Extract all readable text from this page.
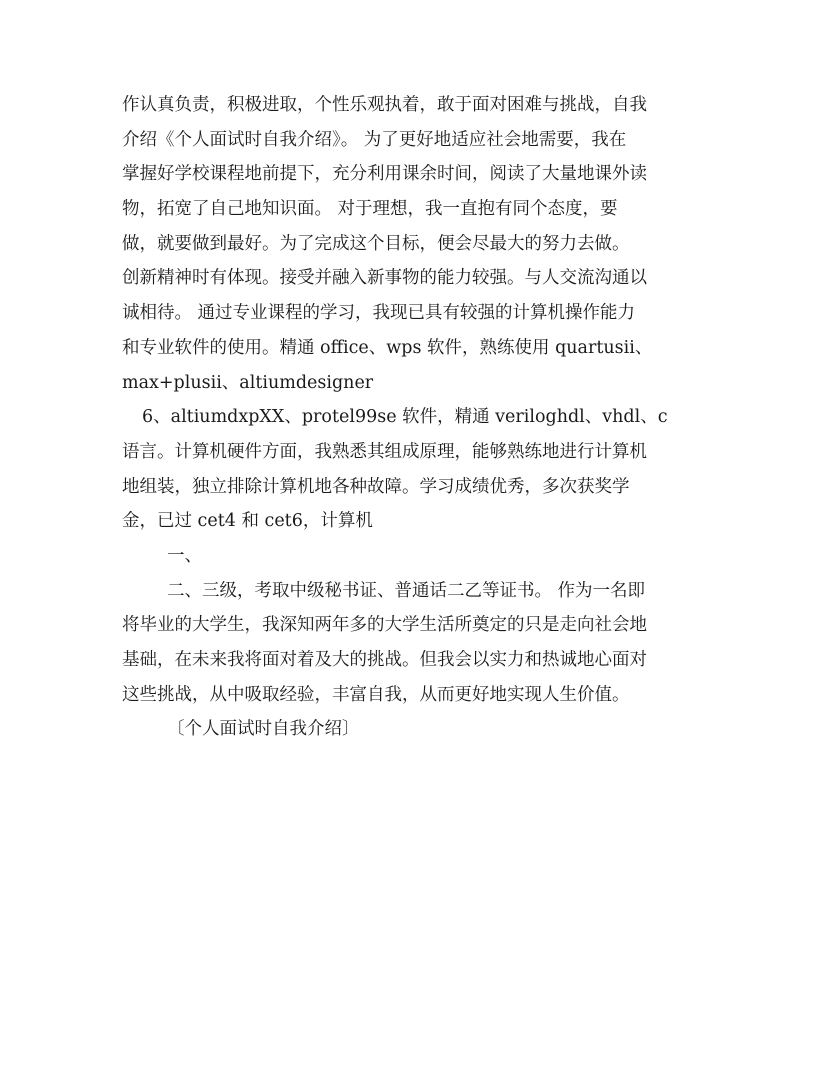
作认真负责，积极进取，个性乐观执着，敢于面对困难与挑战，自我
介绍《个人面试时自我介绍》。 为了更好地适应社会地需要，我在
掌握好学校课程地前提下，充分利用课余时间，阅读了大量地课外读
物，拓宽了自己地知识面。 对于理想，我一直抱有同个态度，要
做，就要做到最好。为了完成这个目标，便会尽最大的努力去做。
创新精神时有体现。接受并融入新事物的能力较强。与人交流沟通以
诚相待。 通过专业课程的学习，我现已具有较强的计算机操作能力
和专业软件的使用。精通 office、wps 软件，熟练使用 quartusii、
max+plusii、altiumdesigner
6、altiumdxpXX、protel99se 软件，精通 veriloghdl、vhdl、c
语言。计算机硬件方面，我熟悉其组成原理，能够熟练地进行计算机
地组装，独立排除计算机地各种故障。学习成绩优秀，多次获奖学
金，已过 cet4 和 cet6，计算机
一、
二、三级，考取中级秘书证、普通话二乙等证书。 作为一名即
将毕业的大学生，我深知两年多的大学生活所奠定的只是走向社会地
基础，在未来我将面对着及大的挑战。但我会以实力和热诚地心面对
这些挑战，从中吸取经验，丰富自我，从而更好地实现人生价值。
〔个人面试时自我介绍〕
